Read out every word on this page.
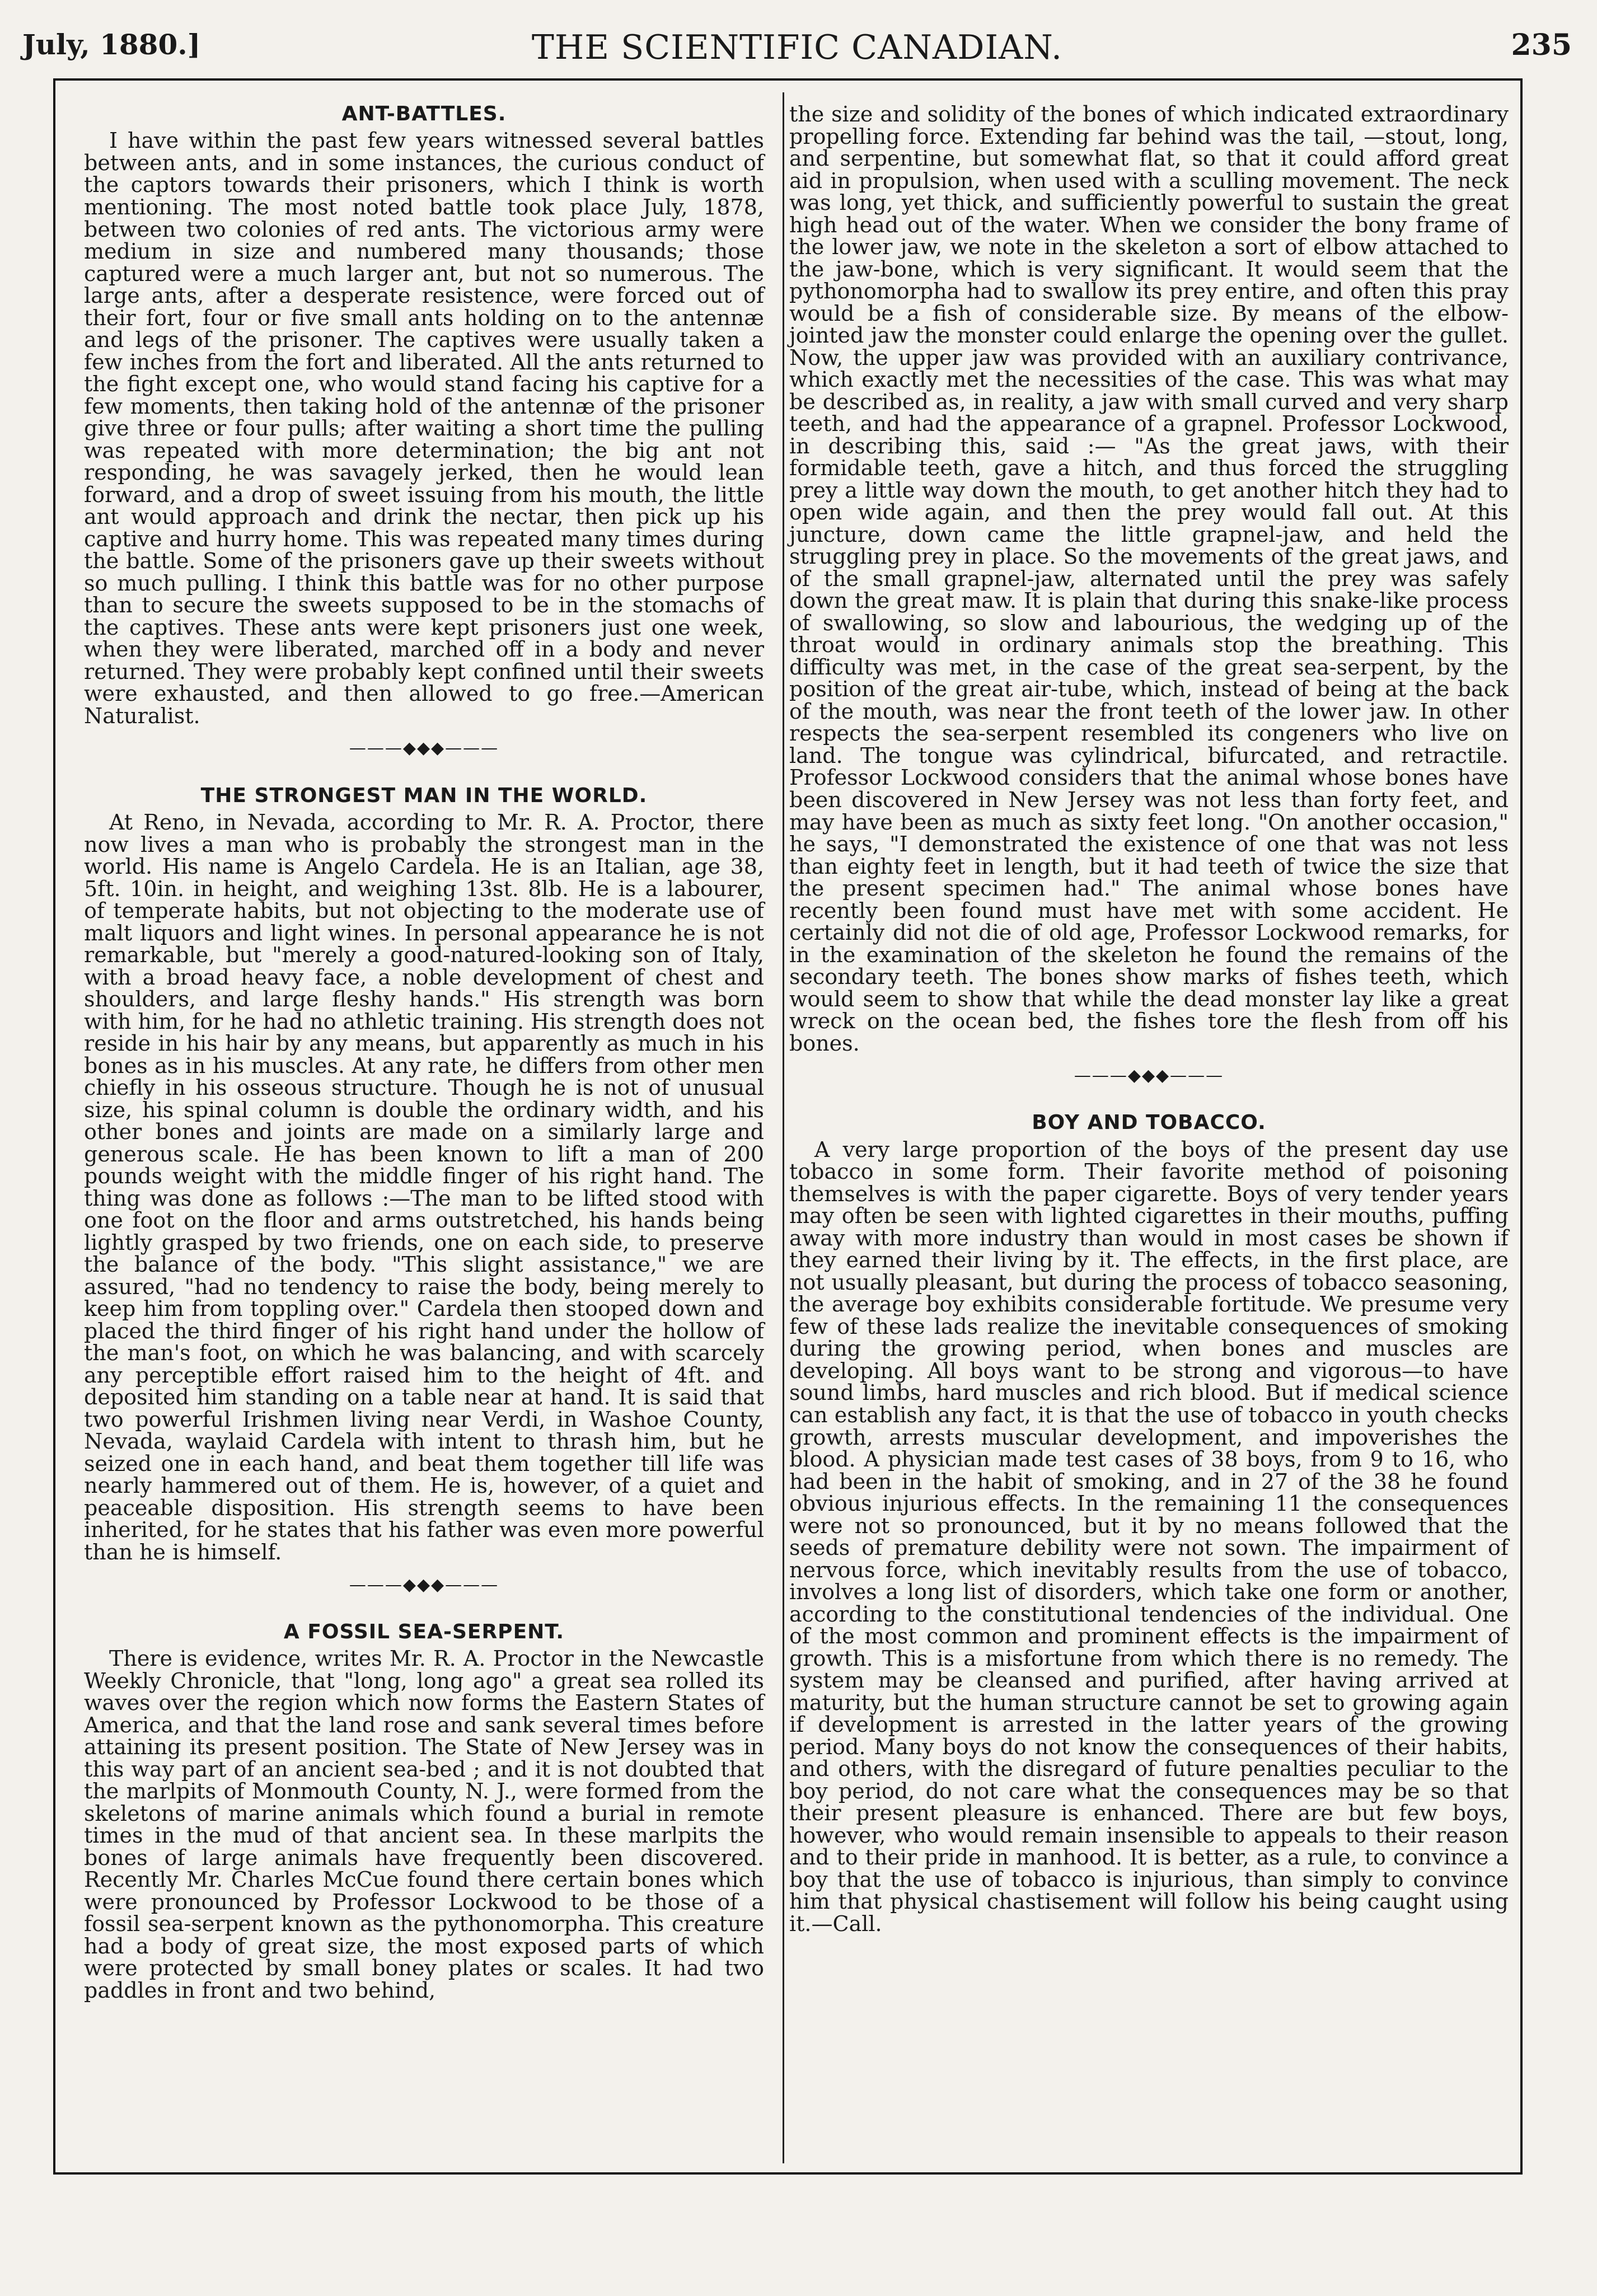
July, 1880.]	THE SCIENTIFIC CANADIAN.	235
ANT-BATTLES.

I have within the past few years witnessed several battles between ants, and in some instances, the curious conduct of the captors towards their prisoners, which I think is worth mentioning. The most noted battle took place July, 1878, between two colonies of red ants. The victorious army were medium in size and numbered many thousands; those captured were a much larger ant, but not so numerous. The large ants, after a desperate resistence, were forced out of their fort, four or five small ants holding on to the antennæ and legs of the prisoner. The captives were usually taken a few inches from the fort and liberated. All the ants returned to the fight except one, who would stand facing his captive for a few moments, then taking hold of the antennæ of the prisoner give three or four pulls; after waiting a short time the pulling was repeated with more determination; the big ant not responding, he was savagely jerked, then he would lean forward, and a drop of sweet issuing from his mouth, the little ant would approach and drink the nectar, then pick up his captive and hurry home. This was repeated many times during the battle. Some of the prisoners gave up their sweets without so much pulling. I think this battle was for no other purpose than to secure the sweets supposed to be in the stomachs of the captives. These ants were kept prisoners just one week, when they were liberated, marched off in a body and never returned. They were probably kept confined until their sweets were exhausted, and then allowed to go free.—American Naturalist.

———◆◆◆———
THE STRONGEST MAN IN THE WORLD.

At Reno, in Nevada, according to Mr. R. A. Proctor, there now lives a man who is probably the strongest man in the world. His name is Angelo Cardela. He is an Italian, age 38, 5ft. 10in. in height, and weighing 13st. 8lb. He is a labourer, of temperate habits, but not objecting to the moderate use of malt liquors and light wines. In personal appearance he is not remarkable, but "merely a good-natured-looking son of Italy, with a broad heavy face, a noble development of chest and shoulders, and large fleshy hands." His strength was born with him, for he had no athletic training. His strength does not reside in his hair by any means, but apparently as much in his bones as in his muscles. At any rate, he differs from other men chiefly in his osseous structure. Though he is not of unusual size, his spinal column is double the ordinary width, and his other bones and joints are made on a similarly large and generous scale. He has been known to lift a man of 200 pounds weight with the middle finger of his right hand. The thing was done as follows :—The man to be lifted stood with one foot on the floor and arms outstretched, his hands being lightly grasped by two friends, one on each side, to preserve the balance of the body. "This slight assistance," we are assured, "had no tendency to raise the body, being merely to keep him from toppling over." Cardela then stooped down and placed the third finger of his right hand under the hollow of the man's foot, on which he was balancing, and with scarcely any perceptible effort raised him to the height of 4ft. and deposited him standing on a table near at hand. It is said that two powerful Irishmen living near Verdi, in Washoe County, Nevada, waylaid Cardela with intent to thrash him, but he seized one in each hand, and beat them together till life was nearly hammered out of them. He is, however, of a quiet and peaceable disposition. His strength seems to have been inherited, for he states that his father was even more powerful than he is himself.

———◆◆◆———
A FOSSIL SEA-SERPENT.

There is evidence, writes Mr. R. A. Proctor in the Newcastle Weekly Chronicle, that "long, long ago" a great sea rolled its waves over the region which now forms the Eastern States of America, and that the land rose and sank several times before attaining its present position. The State of New Jersey was in this way part of an ancient sea-bed ; and it is not doubted that the marlpits of Monmouth County, N. J., were formed from the skeletons of marine animals which found a burial in remote times in the mud of that ancient sea. In these marlpits the bones of large animals have frequently been discovered. Recently Mr. Charles McCue found there certain bones which were pronounced by Professor Lockwood to be those of a fossil sea-serpent known as the pythonomorpha. This creature had a body of great size, the most exposed parts of which were protected by small boney plates or scales. It had two paddles in front and two behind,

the size and solidity of the bones of which indicated extraordinary propelling force. Extending far behind was the tail, —stout, long, and serpentine, but somewhat flat, so that it could afford great aid in propulsion, when used with a sculling movement. The neck was long, yet thick, and sufficiently powerful to sustain the great high head out of the water. When we consider the bony frame of the lower jaw, we note in the skeleton a sort of elbow attached to the jaw-bone, which is very significant. It would seem that the pythonomorpha had to swallow its prey entire, and often this pray would be a fish of considerable size. By means of the elbow-jointed jaw the monster could enlarge the opening over the gullet. Now, the upper jaw was provided with an auxiliary contrivance, which exactly met the necessities of the case. This was what may be described as, in reality, a jaw with small curved and very sharp teeth, and had the appearance of a grapnel. Professor Lockwood, in describing this, said :— "As the great jaws, with their formidable teeth, gave a hitch, and thus forced the struggling prey a little way down the mouth, to get another hitch they had to open wide again, and then the prey would fall out. At this juncture, down came the little grapnel-jaw, and held the struggling prey in place. So the movements of the great jaws, and of the small grapnel-jaw, alternated until the prey was safely down the great maw. It is plain that during this snake-like process of swallowing, so slow and labourious, the wedging up of the throat would in ordinary animals stop the breathing. This difficulty was met, in the case of the great sea-serpent, by the position of the great air-tube, which, instead of being at the back of the mouth, was near the front teeth of the lower jaw. In other respects the sea-serpent resembled its congeners who live on land. The tongue was cylindrical, bifurcated, and retractile. Professor Lockwood considers that the animal whose bones have been discovered in New Jersey was not less than forty feet, and may have been as much as sixty feet long. "On another occasion," he says, "I demonstrated the existence of one that was not less than eighty feet in length, but it had teeth of twice the size that the present specimen had." The animal whose bones have recently been found must have met with some accident. He certainly did not die of old age, Professor Lockwood remarks, for in the examination of the skeleton he found the remains of the secondary teeth. The bones show marks of fishes teeth, which would seem to show that while the dead monster lay like a great wreck on the ocean bed, the fishes tore the flesh from off his bones.

———◆◆◆———
BOY AND TOBACCO.

A very large proportion of the boys of the present day use tobacco in some form. Their favorite method of poisoning themselves is with the paper cigarette. Boys of very tender years may often be seen with lighted cigarettes in their mouths, puffing away with more industry than would in most cases be shown if they earned their living by it. The effects, in the first place, are not usually pleasant, but during the process of tobacco seasoning, the average boy exhibits considerable fortitude. We presume very few of these lads realize the inevitable consequences of smoking during the growing period, when bones and muscles are developing. All boys want to be strong and vigorous—to have sound limbs, hard muscles and rich blood. But if medical science can establish any fact, it is that the use of tobacco in youth checks growth, arrests muscular development, and impoverishes the blood. A physician made test cases of 38 boys, from 9 to 16, who had been in the habit of smoking, and in 27 of the 38 he found obvious injurious effects. In the remaining 11 the consequences were not so pronounced, but it by no means followed that the seeds of premature debility were not sown. The impairment of nervous force, which inevitably results from the use of tobacco, involves a long list of disorders, which take one form or another, according to the constitutional tendencies of the individual. One of the most common and prominent effects is the impairment of growth. This is a misfortune from which there is no remedy. The system may be cleansed and purified, after having arrived at maturity, but the human structure cannot be set to growing again if development is arrested in the latter years of the growing period. Many boys do not know the consequences of their habits, and others, with the disregard of future penalties peculiar to the boy period, do not care what the consequences may be so that their present pleasure is enhanced. There are but few boys, however, who would remain insensible to appeals to their reason and to their pride in manhood. It is better, as a rule, to convince a boy that the use of tobacco is injurious, than simply to convince him that physical chastisement will follow his being caught using it.—Call.
